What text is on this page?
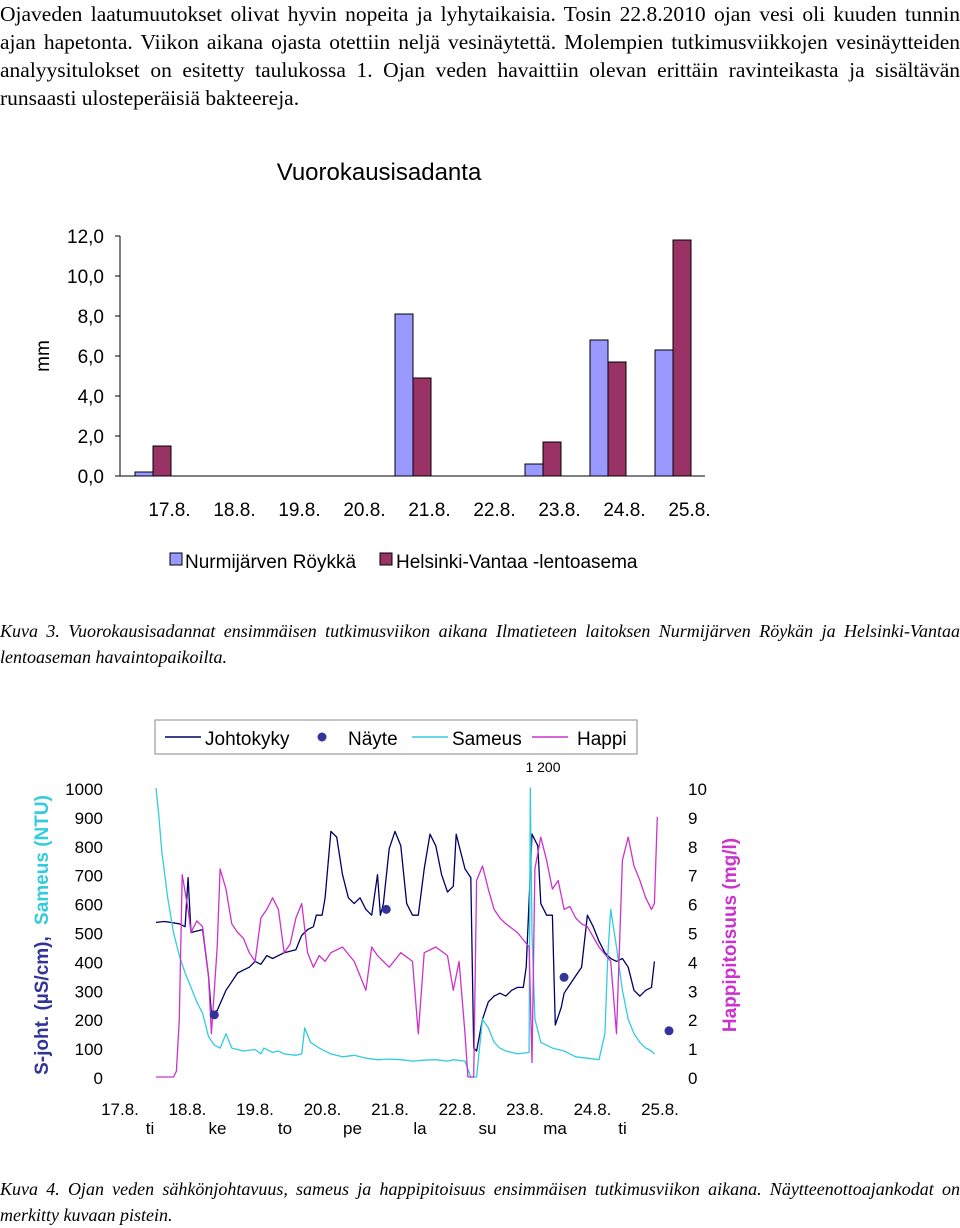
Ojaveden laatumuutokset olivat hyvin nopeita ja lyhytaikaisia. Tosin 22.8.2010 ojan vesi oli kuuden tunnin ajan hapetonta. Viikon aikana ojasta otettiin neljä vesinäytettä. Molempien tutkimusviikkojen vesinäytteiden analyysitulokset on esitetty taulukossa 1. Ojan veden havaittiin olevan erittäin ravinteikasta ja sisältävän runsaasti ulosteperäisiä bakteereja.

Vuorokausisadanta
mm
0,0
2,0
4,0
6,0
8,0
10,0
12,0
17.8. 18.8. 19.8. 20.8. 21.8. 22.8. 23.8. 24.8. 25.8.
Nurmijärven Röykkä Helsinki-Vantaa -lentoasema

Kuva 3. Vuorokausisadannat ensimmäisen tutkimusviikon aikana Ilmatieteen laitoksen Nurmijärven Röykän ja Helsinki-Vantaa lentoaseman havaintopaikoilta.

Johtokyky	Näyte	Sameus	Happi
1 200
0
100
200
300
400
500
600
700
800
900
1000
0
1
2
3
4
5
6
7
8
9
10
17.8. 18.8. 19.8. 20.8. 21.8. 22.8. 23.8. 24.8. 25.8.
ti	ke	to	pe	la	su	ma	ti
S-joht. (µS/cm), Sameus (NTU)	Happipitoisuus (mg/l)

Kuva 4. Ojan veden sähkönjohtavuus, sameus ja happipitoisuus ensimmäisen tutkimusviikon aikana. Näytteenottoajankodat on merkitty kuvaan pistein.
